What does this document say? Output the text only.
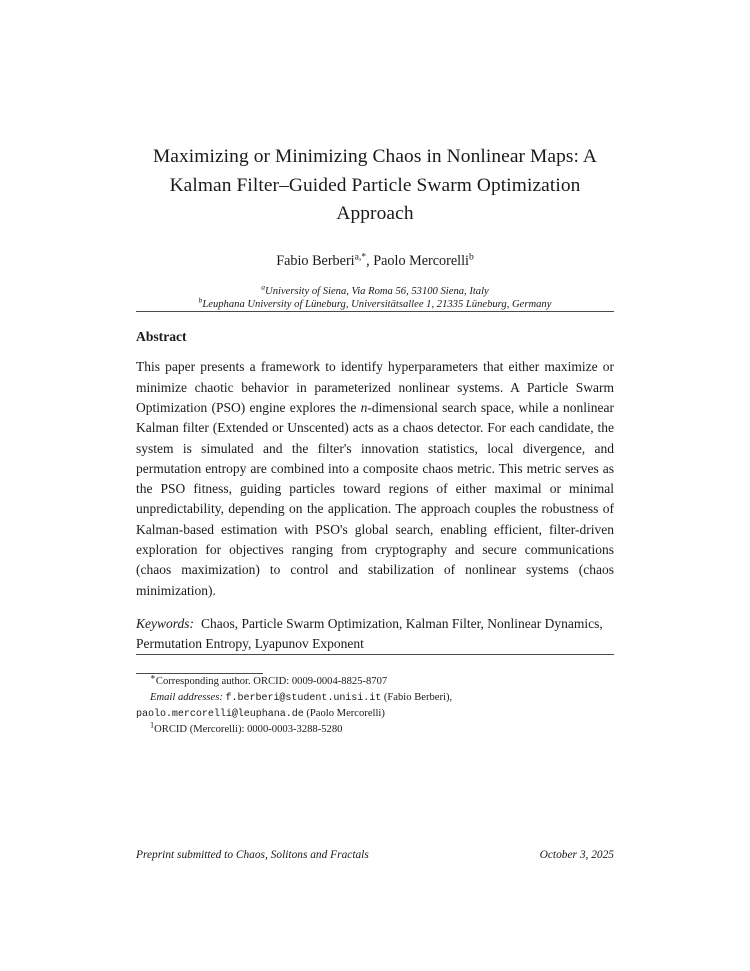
Maximizing or Minimizing Chaos in Nonlinear Maps: A Kalman Filter–Guided Particle Swarm Optimization Approach
Fabio Berberi$^{a,*}$, Paolo Mercorelli$^b$
$^a$University of Siena, Via Roma 56, 53100 Siena, Italy
$^b$Leuphana University of Lüneburg, Universitätsallee 1, 21335 Lüneburg, Germany
Abstract
This paper presents a framework to identify hyperparameters that either maximize or minimize chaotic behavior in parameterized nonlinear systems. A Particle Swarm Optimization (PSO) engine explores the n-dimensional search space, while a nonlinear Kalman filter (Extended or Unscented) acts as a chaos detector. For each candidate, the system is simulated and the filter's innovation statistics, local divergence, and permutation entropy are combined into a composite chaos metric. This metric serves as the PSO fitness, guiding particles toward regions of either maximal or minimal unpredictability, depending on the application. The approach couples the robustness of Kalman-based estimation with PSO's global search, enabling efficient, filter-driven exploration for objectives ranging from cryptography and secure communications (chaos maximization) to control and stabilization of nonlinear systems (chaos minimization).
Keywords: Chaos, Particle Swarm Optimization, Kalman Filter, Nonlinear Dynamics, Permutation Entropy, Lyapunov Exponent
∗Corresponding author. ORCID: 0009-0004-8825-8707
Email addresses: f.berberi@student.unisi.it (Fabio Berberi),
paolo.mercorelli@leuphana.de (Paolo Mercorelli)
$^1$ORCID (Mercorelli): 0000-0003-3288-5280
Preprint submitted to Chaos, Solitons and Fractals	October 3, 2025
